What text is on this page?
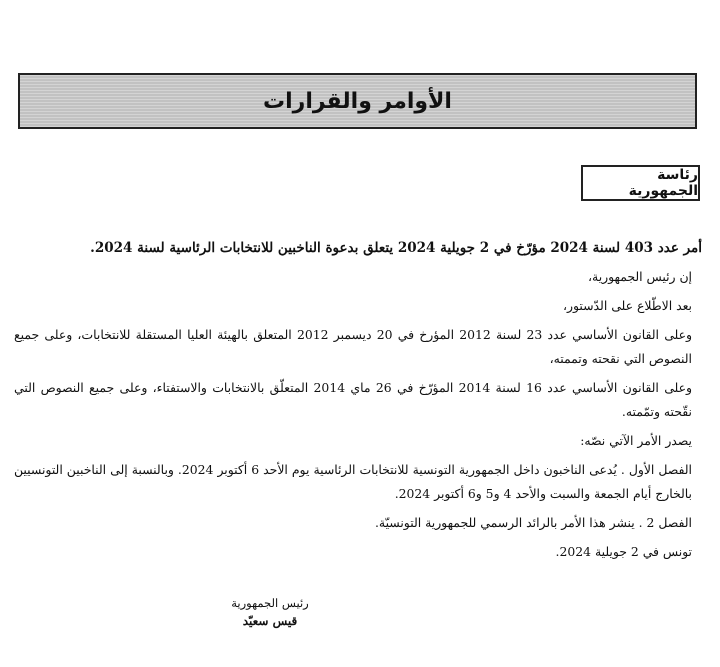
الأوامر والقرارات
رئاسة الجمهورية

أمر عدد 403 لسنة 2024 مؤرّخ في 2 جويلية 2024 يتعلق بدعوة الناخبين للانتخابات الرئاسية لسنة 2024.

إن رئيس الجمهورية،

بعد الاطّلاع على الدّستور،

وعلى القانون الأساسي عدد 23 لسنة 2012 المؤرخ في 20 ديسمبر 2012 المتعلق بالهيئة العليا المستقلة للانتخابات، وعلى جميع النصوص التي نقحته وتممته،

وعلى القانون الأساسي عدد 16 لسنة 2014 المؤرّخ في 26 ماي 2014 المتعلّق بالانتخابات والاستفتاء، وعلى جميع النصوص التي نقّحته وتمّمته.

يصدر الأمر الآتي نصّه:

الفصل الأول . يُدعى الناخبون داخل الجمهورية التونسية للانتخابات الرئاسية يوم الأحد 6 أكتوبر 2024. وبالنسبة إلى الناخبين التونسيين بالخارج أيام الجمعة والسبت والأحد 4 و5 و6 أكتوبر 2024.

الفصل 2 . ينشر هذا الأمر بالرائد الرسمي للجمهورية التونسيّة.

تونس في 2 جويلية 2024.

رئيس الجمهورية
قيس سعيّد
